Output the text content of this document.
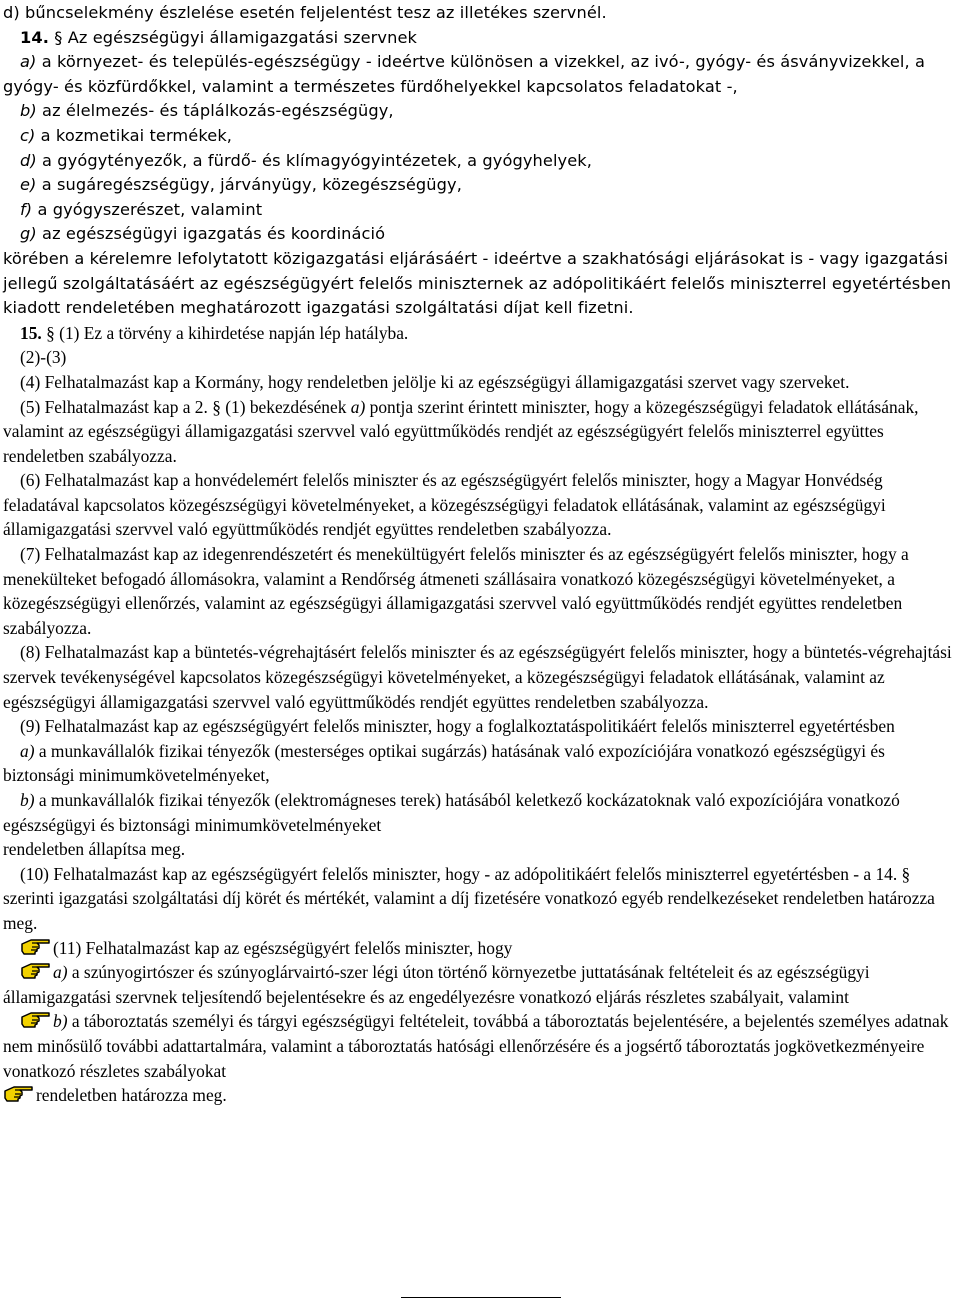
d) bűncselekmény észlelése esetén feljelentést tesz az illetékes szervnél.

14. § Az egészségügyi államigazgatási szervnek

a) a környezet- és település-egészségügy - ideértve különösen a vizekkel, az ivó-, gyógy- és ásványvizekkel, a gyógy- és közfürdőkkel, valamint a természetes fürdőhelyekkel kapcsolatos feladatokat -,

b) az élelmezés- és táplálkozás-egészségügy,

c) a kozmetikai termékek,

d) a gyógytényezők, a fürdő- és klímagyógyintézetek, a gyógyhelyek,

e) a sugáregészségügy, járványügy, közegészségügy,

f) a gyógyszerészet, valamint

g) az egészségügyi igazgatás és koordináció

körében a kérelemre lefolytatott közigazgatási eljárásáért - ideértve a szakhatósági eljárásokat is - vagy igazgatási jellegű szolgáltatásáért az egészségügyért felelős miniszternek az adópolitikáért felelős miniszterrel egyetértésben kiadott rendeletében meghatározott igazgatási szolgáltatási díjat kell fizetni.

15. § (1) Ez a törvény a kihirdetése napján lép hatályba.

(2)-(3)

(4) Felhatalmazást kap a Kormány, hogy rendeletben jelölje ki az egészségügyi államigazgatási szervet vagy szerveket.

(5) Felhatalmazást kap a 2. § (1) bekezdésének a) pontja szerint érintett miniszter, hogy a közegészségügyi feladatok ellátásának, valamint az egészségügyi államigazgatási szervvel való együttműködés rendjét az egészségügyért felelős miniszterrel együttes rendeletben szabályozza.

(6) Felhatalmazást kap a honvédelemért felelős miniszter és az egészségügyért felelős miniszter, hogy a Magyar Honvédség feladatával kapcsolatos közegészségügyi követelményeket, a közegészségügyi feladatok ellátásának, valamint az egészségügyi államigazgatási szervvel való együttműködés rendjét együttes rendeletben szabályozza.

(7) Felhatalmazást kap az idegenrendészetért és menekültügyért felelős miniszter és az egészségügyért felelős miniszter, hogy a menekülteket befogadó állomásokra, valamint a Rendőrség átmeneti szállásaira vonatkozó közegészségügyi követelményeket, a közegészségügyi ellenőrzés, valamint az egészségügyi államigazgatási szervvel való együttműködés rendjét együttes rendeletben szabályozza.

(8) Felhatalmazást kap a büntetés-végrehajtásért felelős miniszter és az egészségügyért felelős miniszter, hogy a büntetés-végrehajtási szervek tevékenységével kapcsolatos közegészségügyi követelményeket, a közegészségügyi feladatok ellátásának, valamint az egészségügyi államigazgatási szervvel való együttműködés rendjét együttes rendeletben szabályozza.

(9) Felhatalmazást kap az egészségügyért felelős miniszter, hogy a foglalkoztatáspolitikáért felelős miniszterrel egyetértésben

a) a munkavállalók fizikai tényezők (mesterséges optikai sugárzás) hatásának való expozíciójára vonatkozó egészségügyi és biztonsági minimumkövetelményeket,

b) a munkavállalók fizikai tényezők (elektromágneses terek) hatásából keletkező kockázatoknak való expozíciójára vonatkozó egészségügyi és biztonsági minimumkövetelményeket

rendeletben állapítsa meg.

(10) Felhatalmazást kap az egészségügyért felelős miniszter, hogy - az adópolitikáért felelős miniszterrel egyetértésben - a 14. § szerinti igazgatási szolgáltatási díj körét és mértékét, valamint a díj fizetésére vonatkozó egyéb rendelkezéseket rendeletben határozza meg.

(11) Felhatalmazást kap az egészségügyért felelős miniszter, hogy

a) a szúnyogirtószer és szúnyoglárvairtó-szer légi úton történő környezetbe juttatásának feltételeit és az egészségügyi államigazgatási szervnek teljesítendő bejelentésekre és az engedélyezésre vonatkozó eljárás részletes szabályait, valamint

b) a táboroztatás személyi és tárgyi egészségügyi feltételeit, továbbá a táboroztatás bejelentésére, a bejelentés személyes adatnak nem minősülő további adattartalmára, valamint a táboroztatás hatósági ellenőrzésére és a jogsértő táboroztatás jogkövetkezményeire vonatkozó részletes szabályokat

rendeletben határozza meg.
